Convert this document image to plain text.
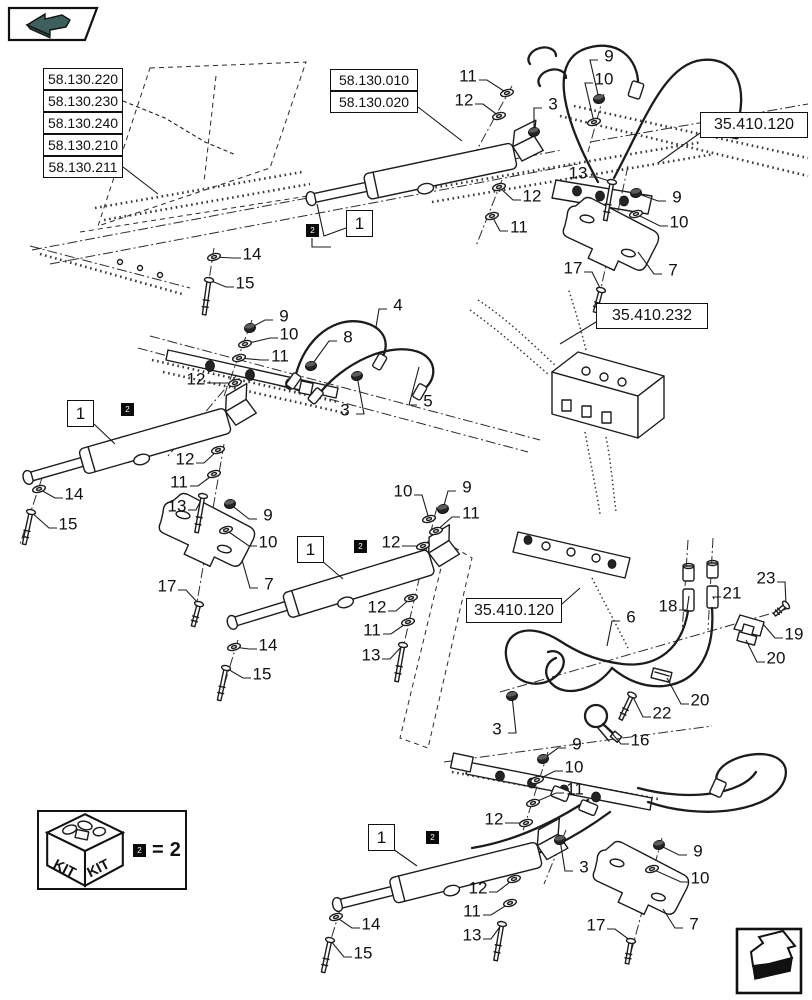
58.130.220
58.130.230
58.130.240
58.130.210
58.130.211
58.130.010
58.130.020
35.410.120
35.410.232
35.410.120
1
2
1	2
1	2
1	2
9
10
11
12	3
12
11
13
9
10
7
17
14
15
9
10
11
12
4
8
3	5
12
11
13	9
10
7
17
14
15
10	9
11
12
12
11
13
14
15
6
18
21
23
19
20
20
22
16
3
9
10
11
12
3
12
11
13
14
15
9
10
7
17
KIT KIT
2 = 2
